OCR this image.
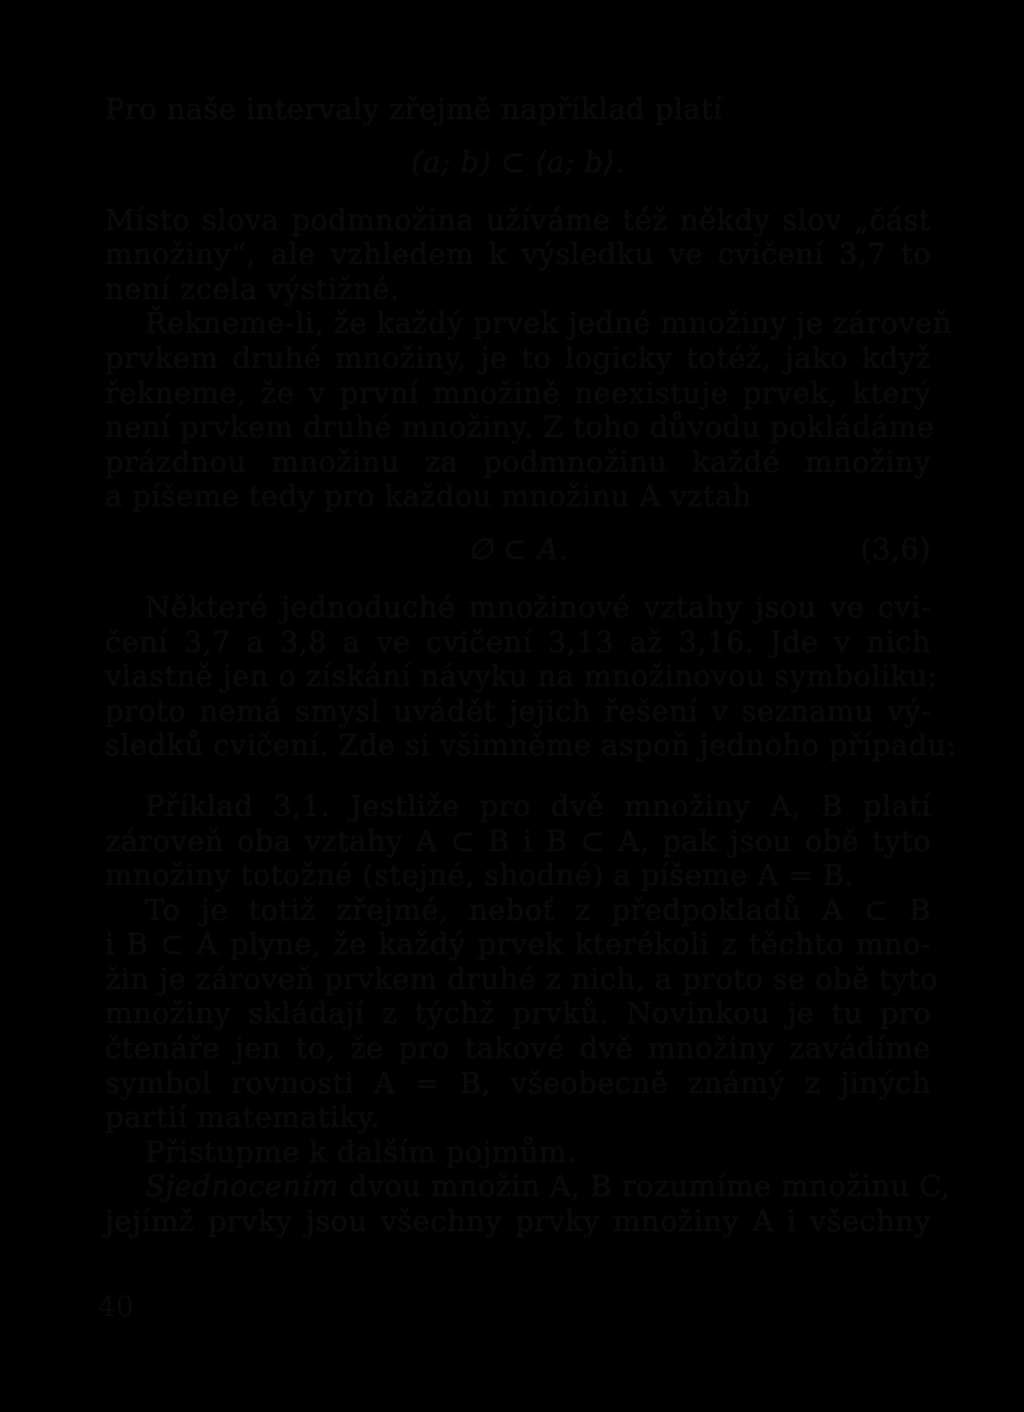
Pro naše intervaly zřejmě například platí
(a; b) ⊂ ⟨a; b⟩.
Místo slova podmnožina užíváme též někdy slov „část
množiny“, ale vzhledem k výsledku ve cvičení 3,7 to
není zcela výstižné.
Řekneme-li, že každý prvek jedné množiny je zároveň
prvkem druhé množiny, je to logicky totéž, jako když
řekneme, že v první množině neexistuje prvek, který
není prvkem druhé množiny. Z toho důvodu pokládáme
prázdnou množinu za podmnožinu každé množiny
a píšeme tedy pro každou množinu A vztah
∅ ⊂ A.	(3,6)
Některé jednoduché množinové vztahy jsou ve cvi-
čení 3,7 a 3,8 a ve cvičení 3,13 až 3,16. Jde v nich
vlastně jen o získání návyku na množinovou symboliku;
proto nemá smysl uvádět jejich řešení v seznamu vý-
sledků cvičení. Zde si všimněme aspoň jednoho případu:
Příklad 3,1. Jestliže pro dvě množiny A, B platí
zároveň oba vztahy A ⊂ B i B ⊂ A, pak jsou obě tyto
množiny totožné (stejné, shodné) a píšeme A = B.
To je totiž zřejmé, neboť z předpokladů A ⊂ B
i B ⊂ A plyne, že každý prvek kterékoli z těchto mno-
žin je zároveň prvkem druhé z nich, a proto se obě tyto
množiny skládají z týchž prvků. Novinkou je tu pro
čtenáře jen to, že pro takové dvě množiny zavádíme
symbol rovnosti A = B, všeobecně známý z jiných
partií matematiky.
Přistupme k dalším pojmům.
Sjednocením dvou množin A, B rozumíme množinu C,
jejímž prvky jsou všechny prvky množiny A i všechny
40
